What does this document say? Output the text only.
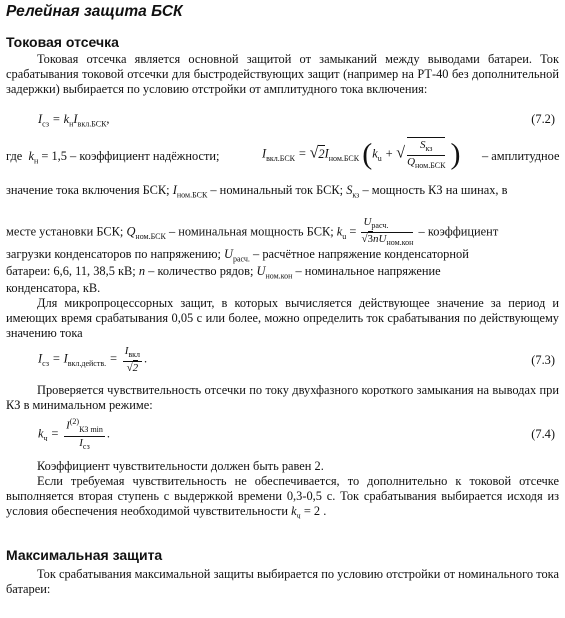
Релейная защита БСК
Токовая отсечка
Токовая отсечка является основной защитой от замыканий между выводами батареи. Ток срабатывания токовой отсечки для быстродействующих защит (например на РТ-40 без дополнительной задержки) выбирается по условию отстройки от амплитудного тока включения:
$I_{сз} = k_нI_{вкл.БСК}$,	(7.2)
где $k_н = 1,5$ – коэффициент надёжности;	$I_{вкл.БСК} = √2I_{ном.БСК}$ ($k_u$ + √ $\frac{S_{кз}}{Q_{ном.БСК}}$ ) – амплитудное
значение тока включения БСК; $I_{ном.БСК}$ – номинальный ток БСК; $S_{кз}$ – мощность КЗ на шинах, в
месте установки БСК; $Q_{ном.БСК}$ – номинальная мощность БСК; $k_u = \frac{U_{расч.}}{√3nU_{ном.кон}}$ – коэффициент
загрузки конденсаторов по напряжению; $U_{расч.}$ – расчётное напряжение конденсаторной
батареи: 6,6, 11, 38,5 кВ; n – количество рядов; $U_{ном.кон}$ – номинальное напряжение
конденсатора, кВ.
Для микропроцессорных защит, в которых вычисляется действующее значение за период и имеющих время срабатывания 0,05 с или более, можно определить ток срабатывания по действующему значению тока
$I_{сз} = I_{вкл.действ.} = \frac{I_{вкл}}{√2}$ .	(7.3)
Проверяется чувствительность отсечки по току двухфазного короткого замыкания на выводах при КЗ в минимальном режиме:
$k_ч = \frac{I^{(2)}_{КЗ min}}{I_{сз}}$ .	(7.4)
Коэффициент чувствительности должен быть равен 2.
Если требуемая чувствительность не обеспечивается, то дополнительно к токовой отсечке выполняется вторая ступень с выдержкой времени 0,3-0,5 с. Ток срабатывания выбирается исходя из условия обеспечения необходимой чувствительности $k_ч = 2$ .
Максимальная защита
Ток срабатывания максимальной защиты выбирается по условию отстройки от номинального тока батареи:
